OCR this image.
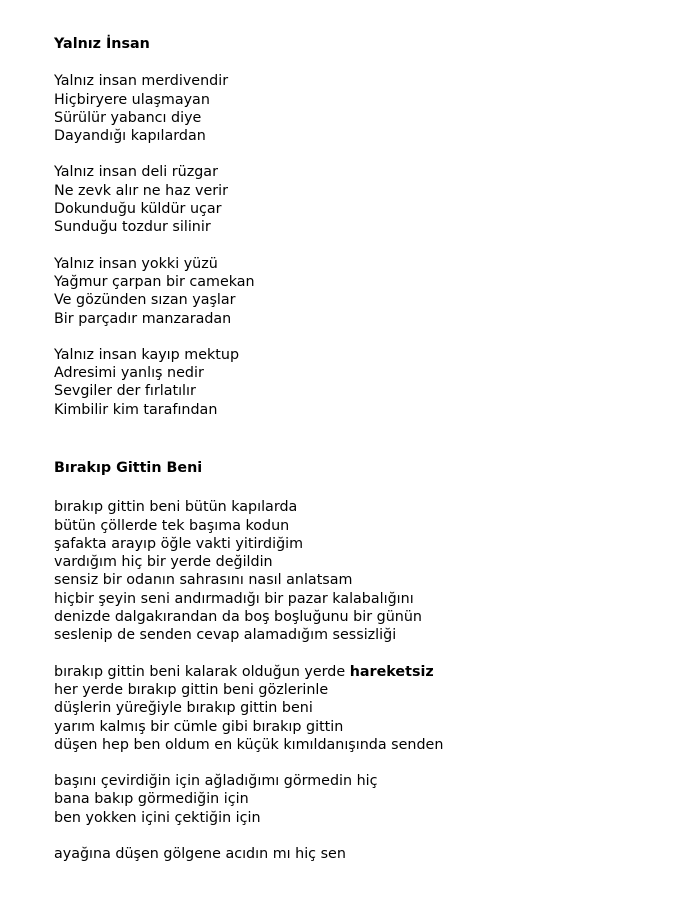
Yalnız İnsan

Yalnız insan merdivendir
Hiçbiryere ulaşmayan
Sürülür yabancı diye
Dayandığı kapılardan

Yalnız insan deli rüzgar
Ne zevk alır ne haz verir
Dokunduğu küldür uçar
Sunduğu tozdur silinir

Yalnız insan yokki yüzü
Yağmur çarpan bir camekan
Ve gözünden sızan yaşlar
Bir parçadır manzaradan

Yalnız insan kayıp mektup
Adresimi yanlış nedir
Sevgiler der fırlatılır
Kimbilir kim tarafından

Bırakıp Gittin Beni

bırakıp gittin beni bütün kapılarda
bütün çöllerde tek başıma kodun
şafakta arayıp öğle vakti yitirdiğim
vardığım hiç bir yerde değildin
sensiz bir odanın sahrasını nasıl anlatsam
hiçbir şeyin seni andırmadığı bir pazar kalabalığını
denizde dalgakırandan da boş boşluğunu bir günün
seslenip de senden cevap alamadığım sessizliği

bırakıp gittin beni kalarak olduğun yerde hareketsiz
her yerde bırakıp gittin beni gözlerinle
düşlerin yüreğiyle bırakıp gittin beni
yarım kalmış bir cümle gibi bırakıp gittin
düşen hep ben oldum en küçük kımıldanışında senden

başını çevirdiğin için ağladığımı görmedin hiç
bana bakıp görmediğin için
ben yokken içini çektiğin için

ayağına düşen gölgene acıdın mı hiç sen
